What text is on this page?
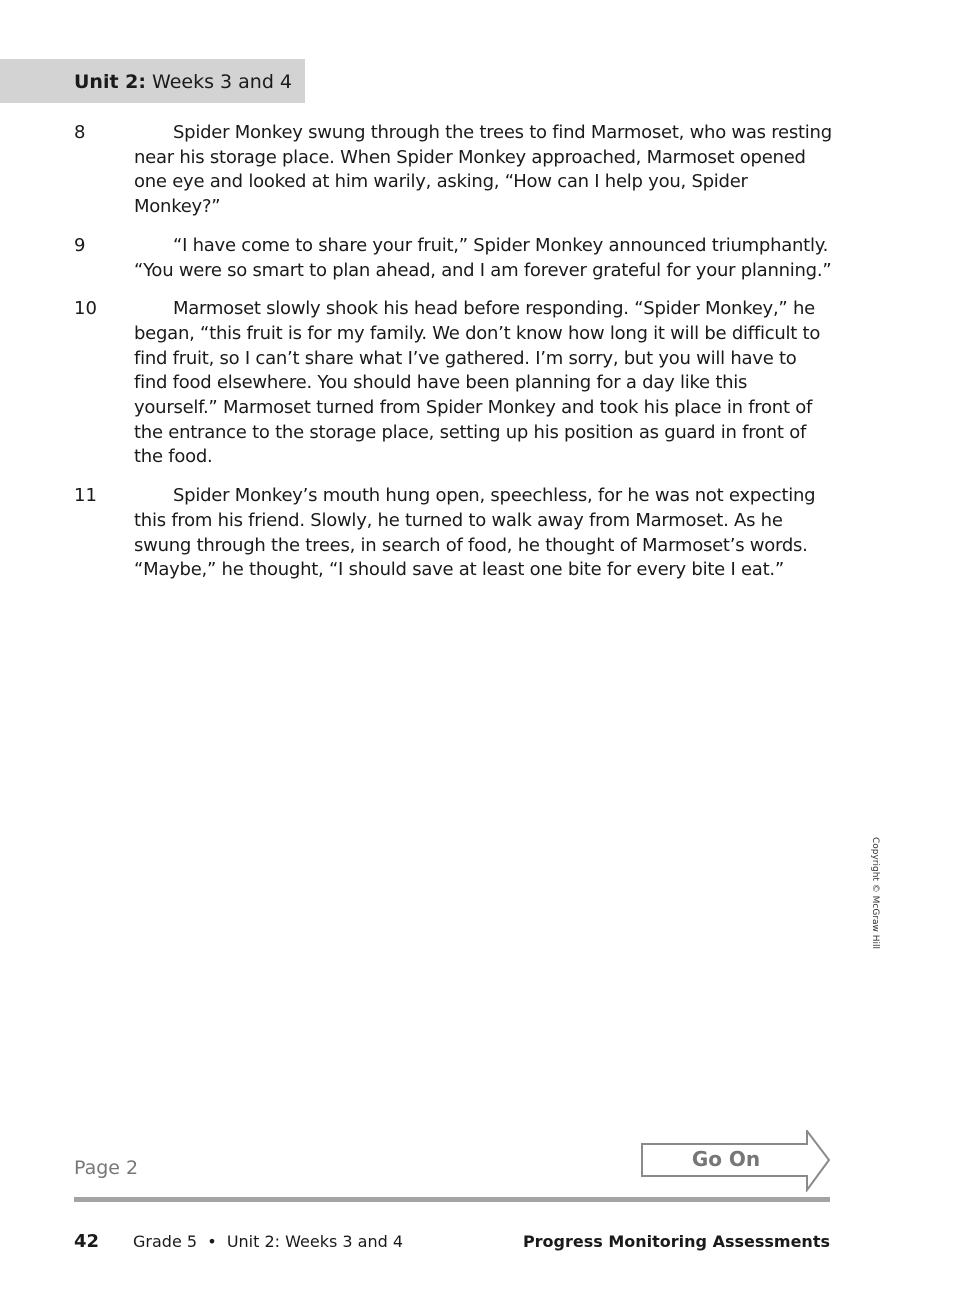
Unit 2: Weeks 3 and 4
8	Spider Monkey swung through the trees to find Marmoset, who was resting near his storage place. When Spider Monkey approached, Marmoset opened one eye and looked at him warily, asking, “How can I help you, Spider Monkey?”
9	“I have come to share your fruit,” Spider Monkey announced triumphantly. “You were so smart to plan ahead, and I am forever grateful for your planning.”
10	Marmoset slowly shook his head before responding. “Spider Monkey,” he began, “this fruit is for my family. We don’t know how long it will be difficult to find fruit, so I can’t share what I’ve gathered. I’m sorry, but you will have to find food elsewhere. You should have been planning for a day like this yourself.” Marmoset turned from Spider Monkey and took his place in front of the entrance to the storage place, setting up his position as guard in front of the food.
11	Spider Monkey’s mouth hung open, speechless, for he was not expecting this from his friend. Slowly, he turned to walk away from Marmoset. As he swung through the trees, in search of food, he thought of Marmoset’s words. “Maybe,” he thought, “I should save at least one bite for every bite I eat.”
Copyright © McGraw Hill
Page 2	Go On
42 Grade 5  •  Unit 2: Weeks 3 and 4	Progress Monitoring Assessments
